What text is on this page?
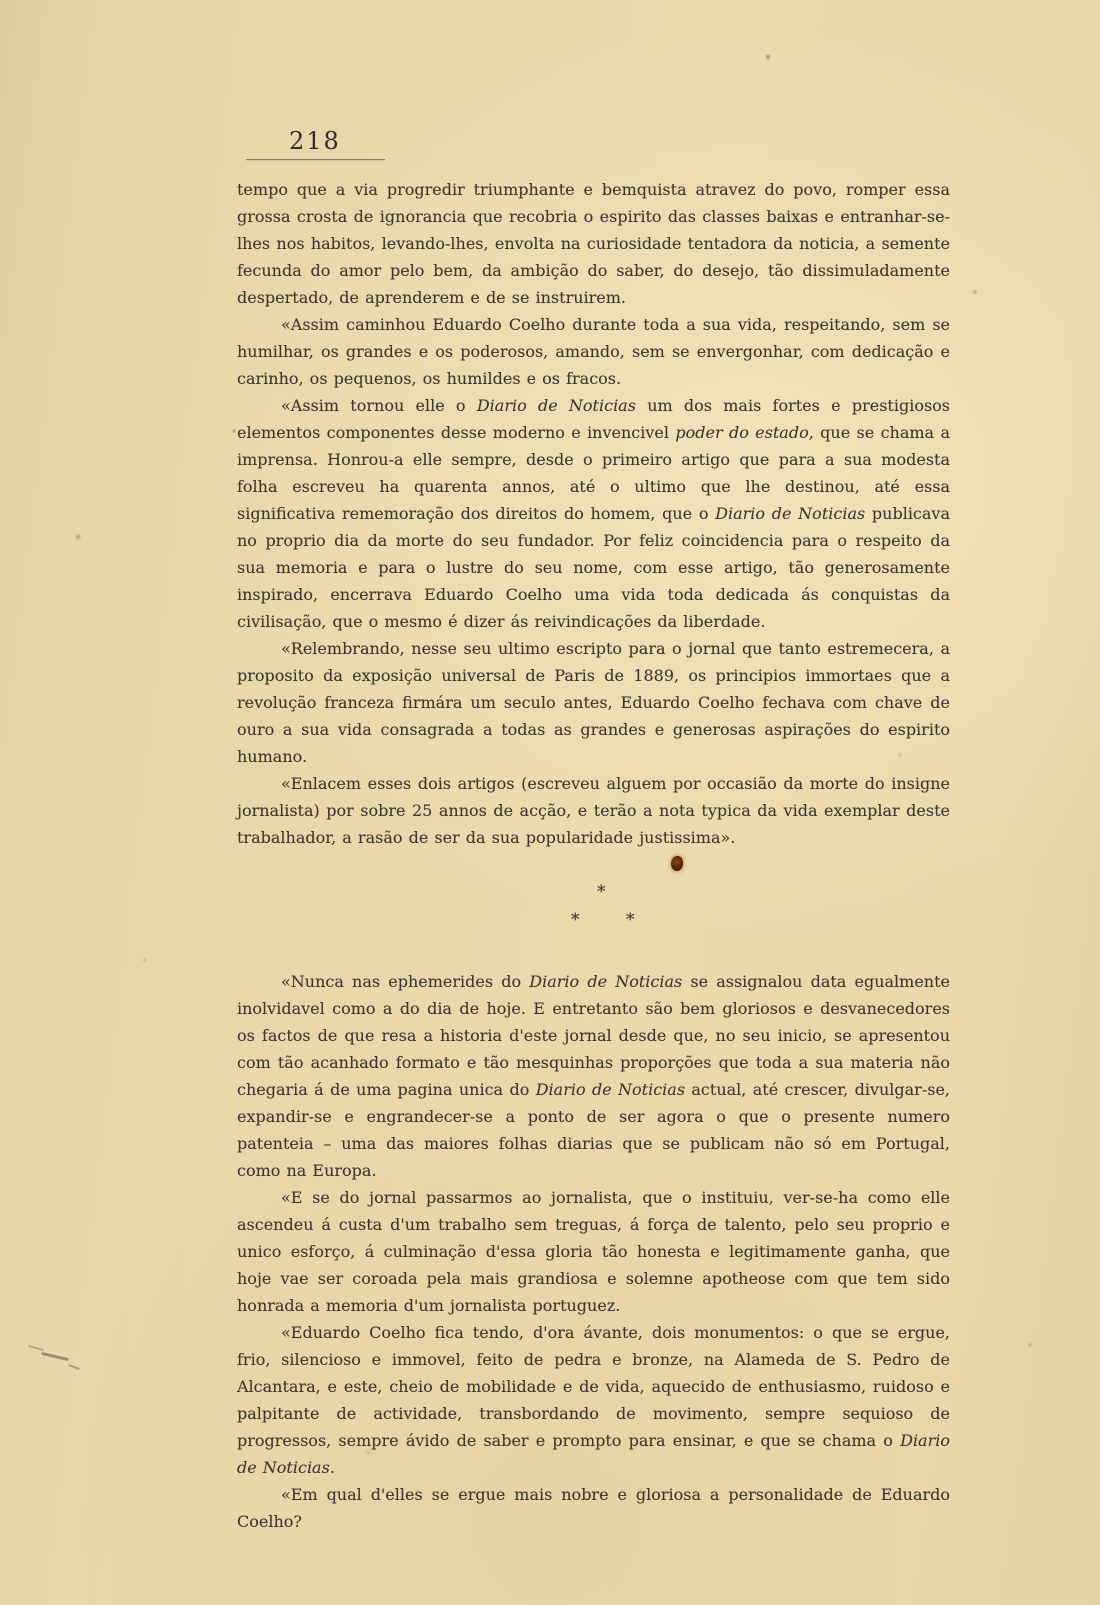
218

tempo que a via progredir triumphante e bemquista atravez do povo, romper essa grossa crosta de ignorancia que recobria o espirito das classes baixas e entranhar-se-lhes nos habitos, levando-lhes, envolta na curiosidade tentadora da noticia, a semente fecunda do amor pelo bem, da ambição do saber, do desejo, tão dissimuladamente despertado, de aprenderem e de se instruirem.

«Assim caminhou Eduardo Coelho durante toda a sua vida, respeitando, sem se humilhar, os grandes e os poderosos, amando, sem se envergonhar, com dedicação e carinho, os pequenos, os humildes e os fracos.

«Assim tornou elle o Diario de Noticias um dos mais fortes e prestigiosos elementos componentes desse moderno e invencivel poder do estado, que se chama a imprensa. Honrou-a elle sempre, desde o primeiro artigo que para a sua modesta folha escreveu ha quarenta annos, até o ultimo que lhe destinou, até essa significativa rememoração dos direitos do homem, que o Diario de Noticias publicava no proprio dia da morte do seu fundador. Por feliz coincidencia para o respeito da sua memoria e para o lustre do seu nome, com esse artigo, tão generosamente inspirado, encerrava Eduardo Coelho uma vida toda dedicada ás conquistas da civilisação, que o mesmo é dizer ás reivindicações da liberdade.

«Relembrando, nesse seu ultimo escripto para o jornal que tanto estremecera, a proposito da exposição universal de Paris de 1889, os principios immortaes que a revolução franceza firmára um seculo antes, Eduardo Coelho fechava com chave de ouro a sua vida consagrada a todas as grandes e generosas aspirações do espirito humano.

«Enlacem esses dois artigos (escreveu alguem por occasião da morte do insigne jornalista) por sobre 25 annos de acção, e terão a nota typica da vida exemplar deste trabalhador, a rasão de ser da sua popularidade justissima».

*
*	*

«Nunca nas ephemerides do Diario de Noticias se assignalou data egualmente inolvidavel como a do dia de hoje. E entretanto são bem gloriosos e desvanecedores os factos de que resa a historia d'este jornal desde que, no seu inicio, se apresentou com tão acanhado formato e tão mesquinhas proporções que toda a sua materia não chegaria á de uma pagina unica do Diario de Noticias actual, até crescer, divulgar-se, expandir-se e engrandecer-se a ponto de ser agora o que o presente numero patenteia – uma das maiores folhas diarias que se publicam não só em Portugal, como na Europa.

«E se do jornal passarmos ao jornalista, que o instituiu, ver-se-ha como elle ascendeu á custa d'um trabalho sem treguas, á força de talento, pelo seu proprio e unico esforço, á culminação d'essa gloria tão honesta e legitimamente ganha, que hoje vae ser coroada pela mais grandiosa e solemne apotheose com que tem sido honrada a memoria d'um jornalista portuguez.

«Eduardo Coelho fica tendo, d'ora ávante, dois monumentos: o que se ergue, frio, silencioso e immovel, feito de pedra e bronze, na Alameda de S. Pedro de Alcantara, e este, cheio de mobilidade e de vida, aquecido de enthusiasmo, ruidoso e palpitante de actividade, transbordando de movimento, sempre sequioso de progressos, sempre ávido de saber e prompto para ensinar, e que se chama o Diario de Noticias.

«Em qual d'elles se ergue mais nobre e gloriosa a personalidade de Eduardo Coelho?
